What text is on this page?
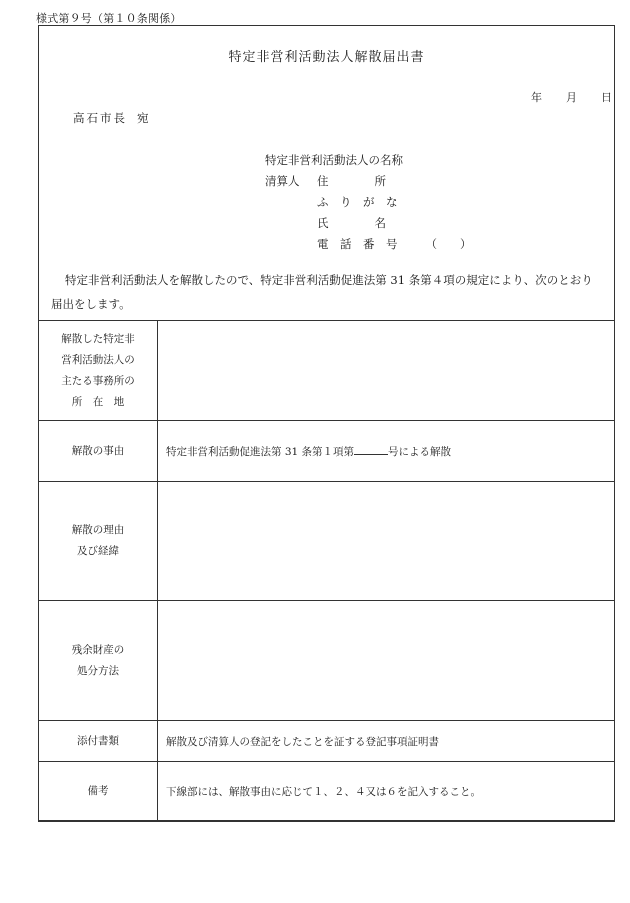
様式第９号（第１０条関係）
特定非営利活動法人解散届出書
年 月 日
高石市長 宛
特定非営利活動法人の名称
清算人 住　　　　所
ふ　り　が　な
氏　　　　名
電　話　番　号 （　　）
特定非営利活動法人を解散したので、特定非営利活動促進法第 31 条第４項の規定により、次のとおり届出をします。
解散した特定非
営利活動法人の
主たる事務所の
所　在　地	

解散の事由	特定非営利活動促進法第 31 条第１項第 号による解散

解散の理由
及び経緯	

残余財産の
処分方法	

添付書類	解散及び清算人の登記をしたことを証する登記事項証明書

備考	下線部には、解散事由に応じて１、２、４又は６を記入すること。
